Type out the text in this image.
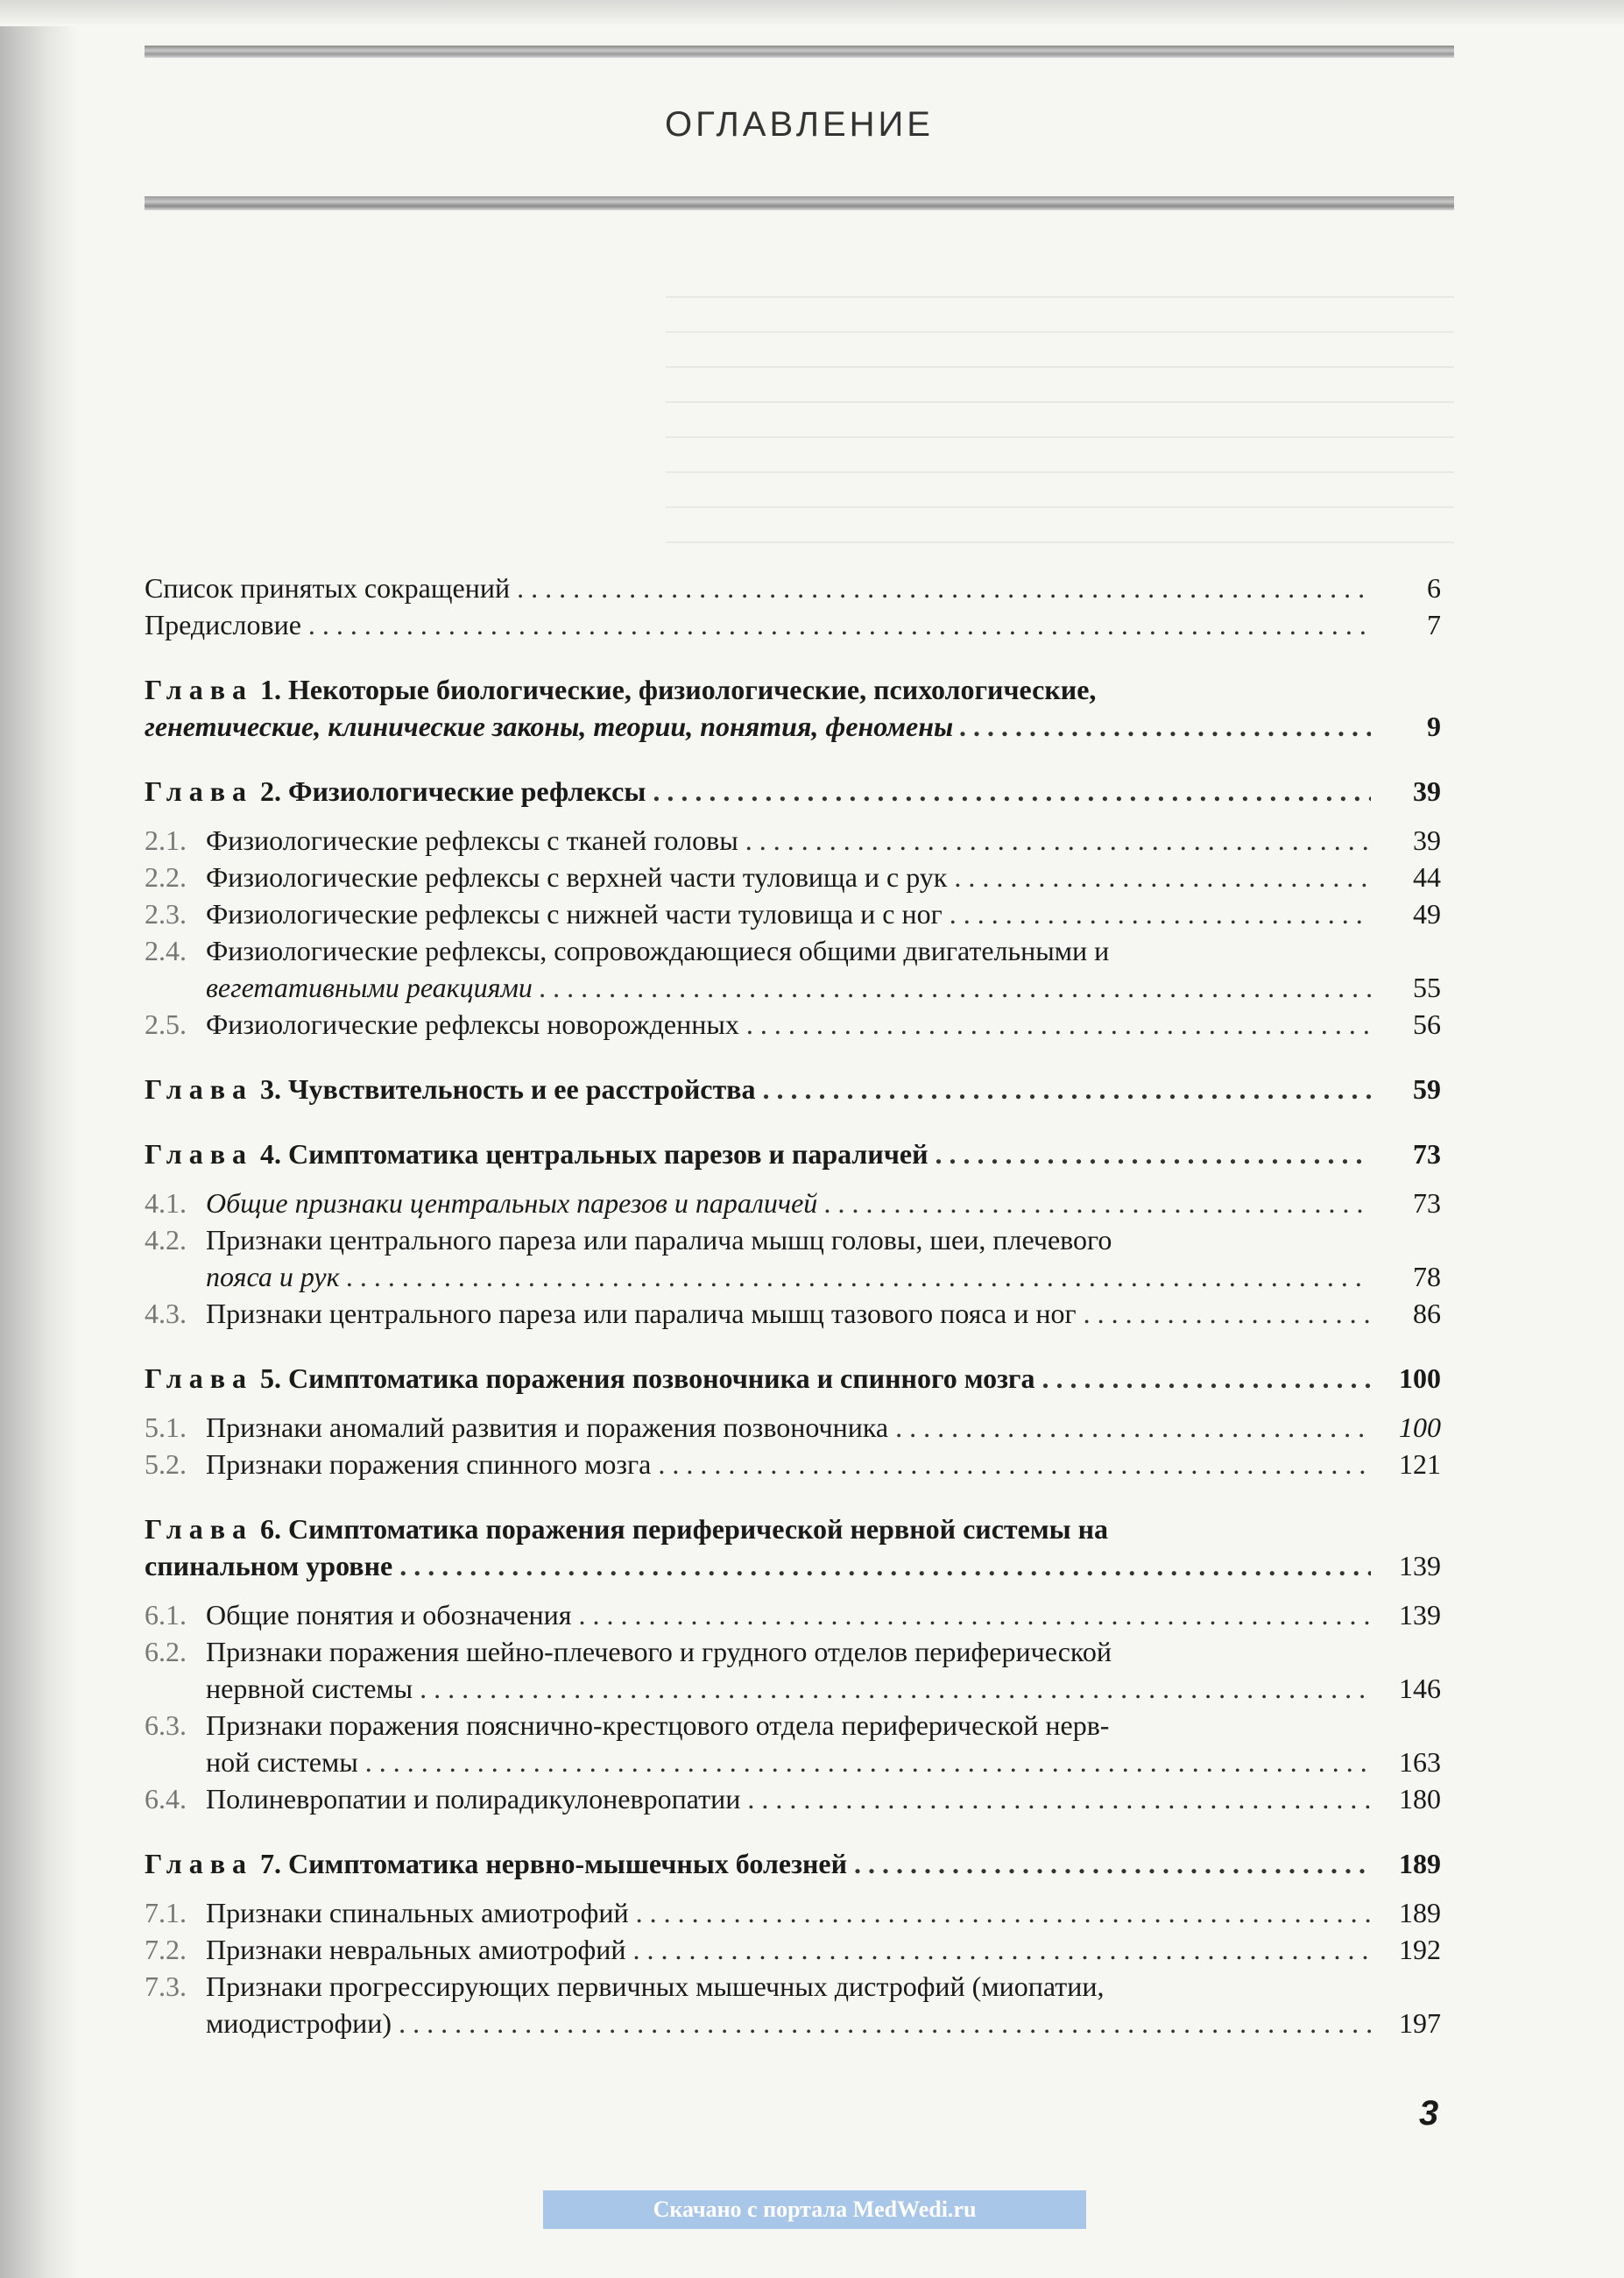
ОГЛАВЛЕНИЕ
Список принятых сокращений . . .	6
Предисловие . . .	7
Глава 1. Некоторые биологические, физиологические, психологические,
генетические, клинические законы, теории, понятия, феномены . . .	9
Глава 2. Физиологические рефлексы . . .	39
2.1. Физиологические рефлексы с тканей головы . . .	39
2.2. Физиологические рефлексы с верхней части туловища и с рук . . .	44
2.3. Физиологические рефлексы с нижней части туловища и с ног . . .	49
2.4. Физиологические рефлексы, сопровождающиеся общими двигательными и
вегетативными реакциями . . .	55
2.5. Физиологические рефлексы новорожденных . . .	56
Глава 3. Чувствительность и ее расстройства . . .	59
Глава 4. Симптоматика центральных парезов и параличей . . .	73
4.1. Общие признаки центральных парезов и параличей . . .	73
4.2. Признаки центрального пареза или паралича мышц головы, шеи, плечевого
пояса и рук . . .	78
4.3. Признаки центрального пареза или паралича мышц тазового пояса и ног . . .	86
Глава 5. Симптоматика поражения позвоночника и спинного мозга . . .	100
5.1. Признаки аномалий развития и поражения позвоночника . . .	100
5.2. Признаки поражения спинного мозга . . .	121
Глава 6. Симптоматика поражения периферической нервной системы на
спинальном уровне . . .	139
6.1. Общие понятия и обозначения . . .	139
6.2. Признаки поражения шейно-плечевого и грудного отделов периферической
нервной системы . . .	146
6.3. Признаки поражения пояснично-крестцового отдела периферической нерв-
ной системы . . .	163
6.4. Полиневропатии и полирадикулоневропатии . . .	180
Глава 7. Симптоматика нервно-мышечных болезней . . .	189
7.1. Признаки спинальных амиотрофий . . .	189
7.2. Признаки невральных амиотрофий . . .	192
7.3. Признаки прогрессирующих первичных мышечных дистрофий (миопатии,
миодистрофии) . . .	197
3
Скачано с портала MedWedi.ru
